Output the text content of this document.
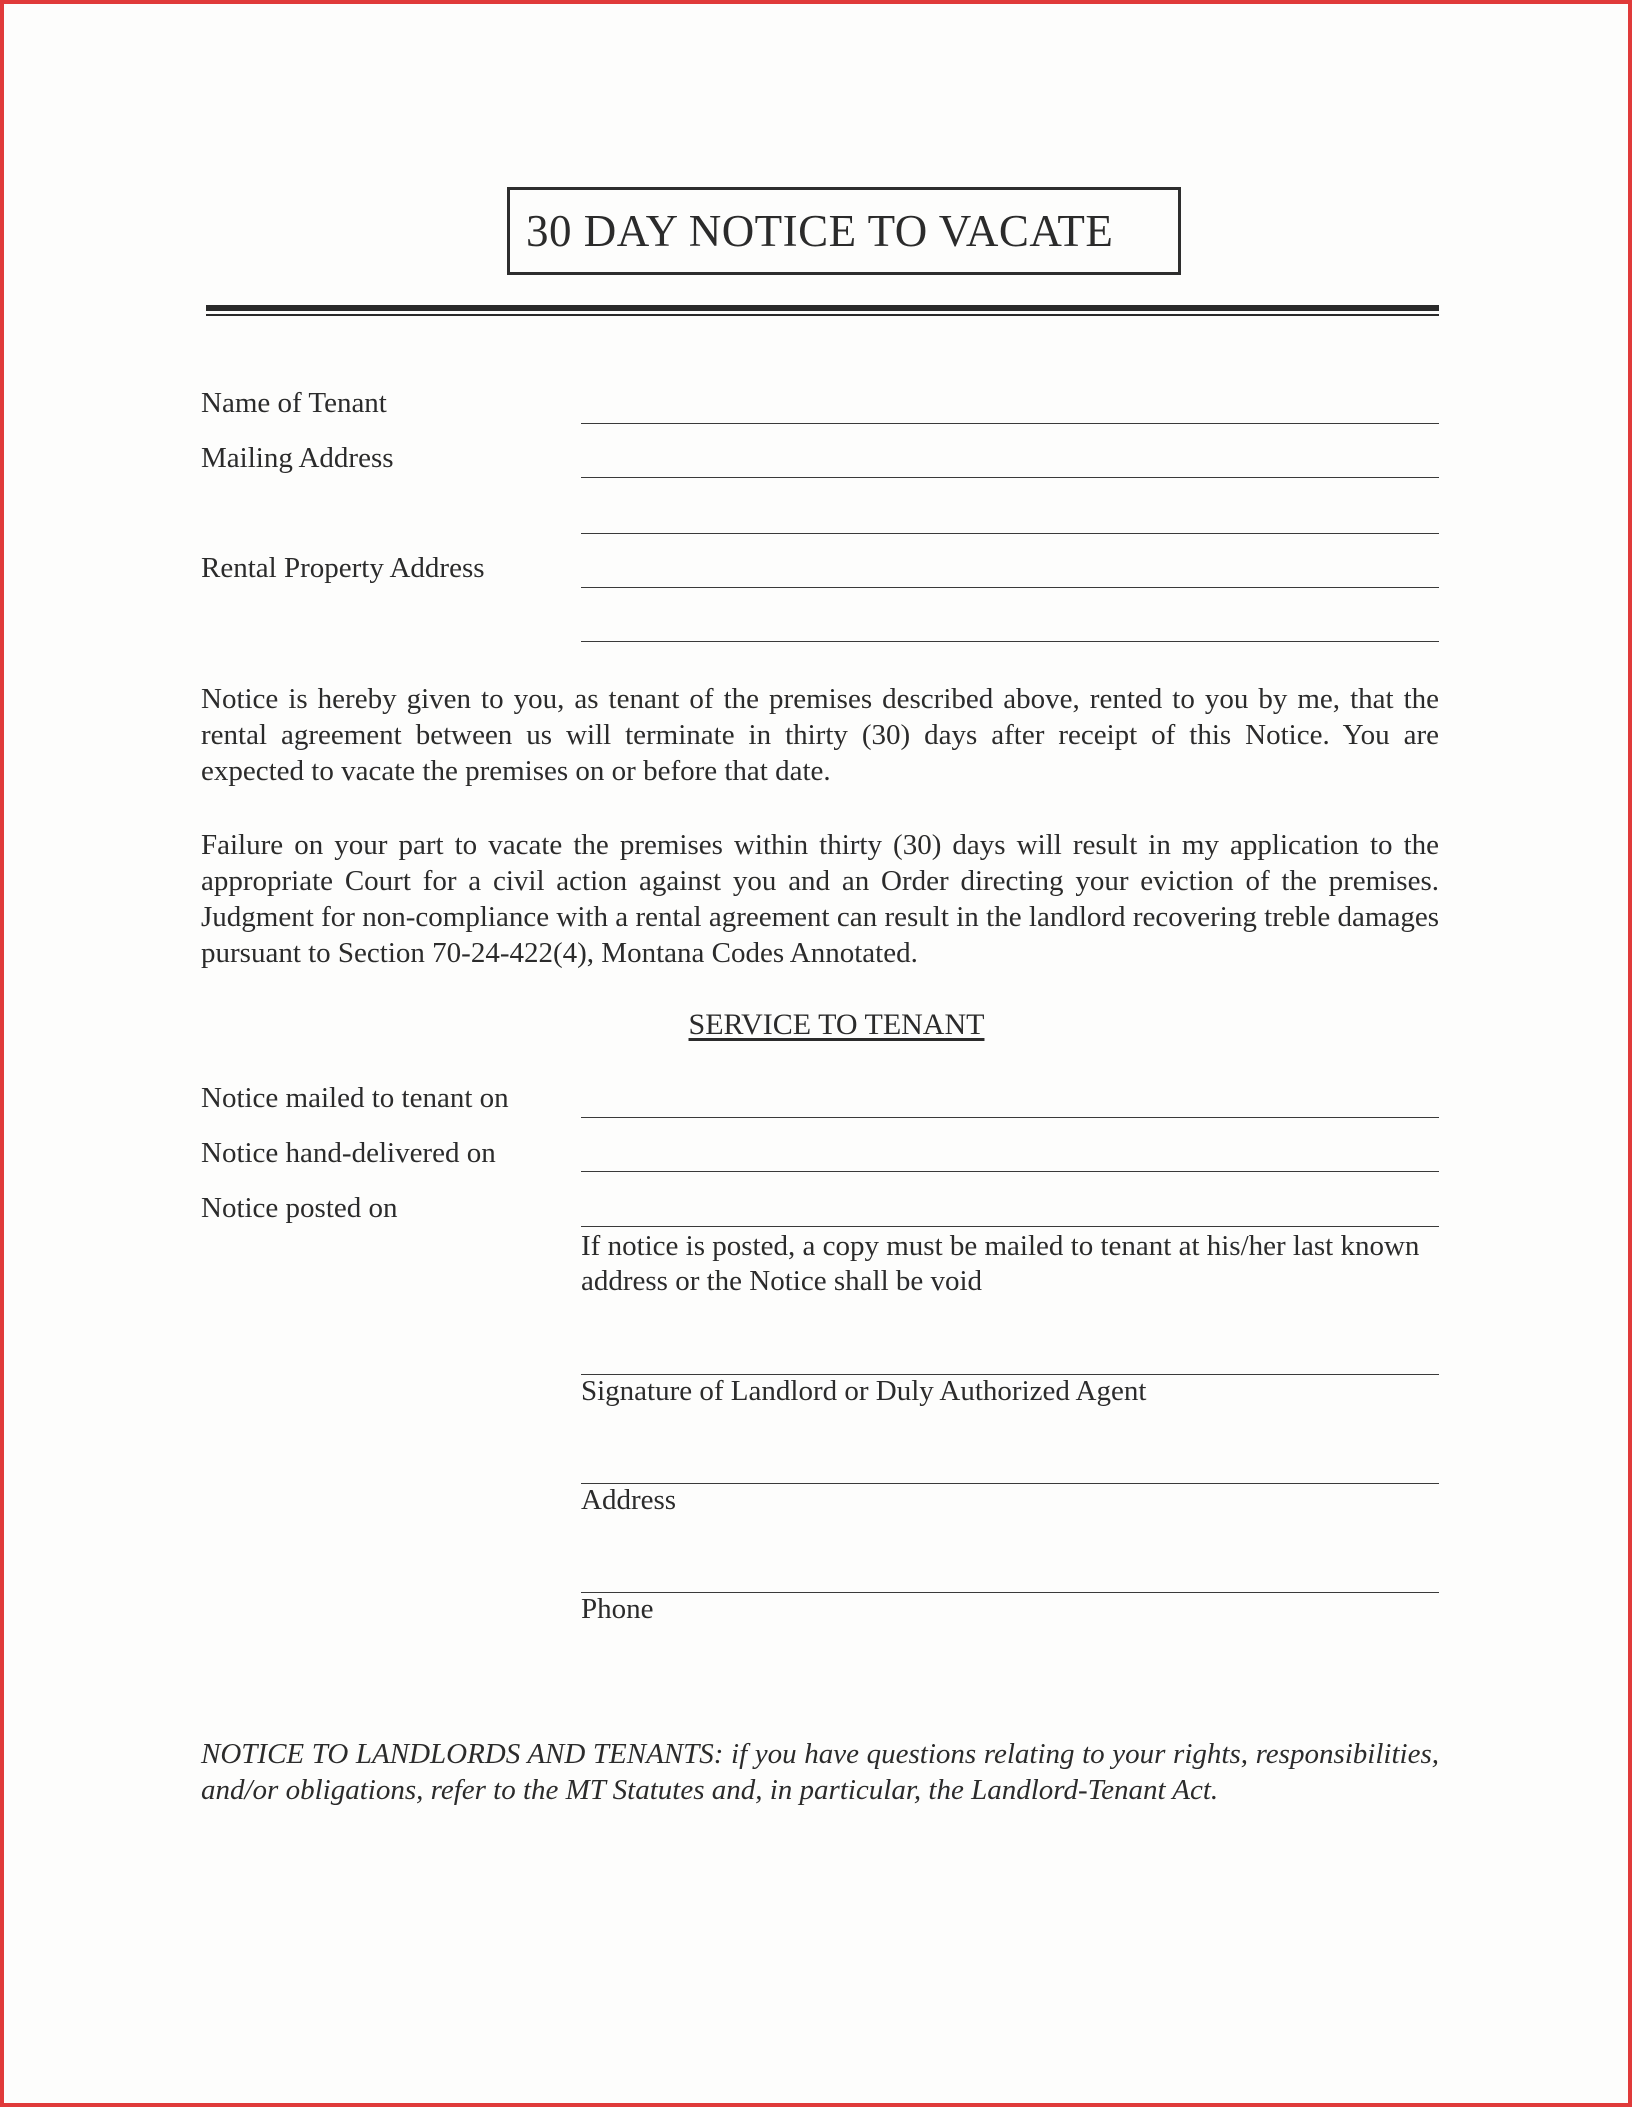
30 DAY NOTICE TO VACATE
Name of Tenant
Mailing Address
Rental Property Address
Notice is hereby given to you, as tenant of the premises described above, rented to you by me, that the rental agreement between us will terminate in thirty (30) days after receipt of this Notice. You are expected to vacate the premises on or before that date.
Failure on your part to vacate the premises within thirty (30) days will result in my application to the appropriate Court for a civil action against you and an Order directing your eviction of the premises. Judgment for non-compliance with a rental agreement can result in the landlord recovering treble damages pursuant to Section 70-24-422(4), Montana Codes Annotated.
SERVICE TO TENANT
Notice mailed to tenant on
Notice hand-delivered on
Notice posted on
If notice is posted, a copy must be mailed to tenant at his/her last known address or the Notice shall be void
Signature of Landlord or Duly Authorized Agent
Address
Phone
NOTICE TO LANDLORDS AND TENANTS: if you have questions relating to your rights, responsibilities, and/or obligations, refer to the MT Statutes and, in particular, the Landlord-Tenant Act.
